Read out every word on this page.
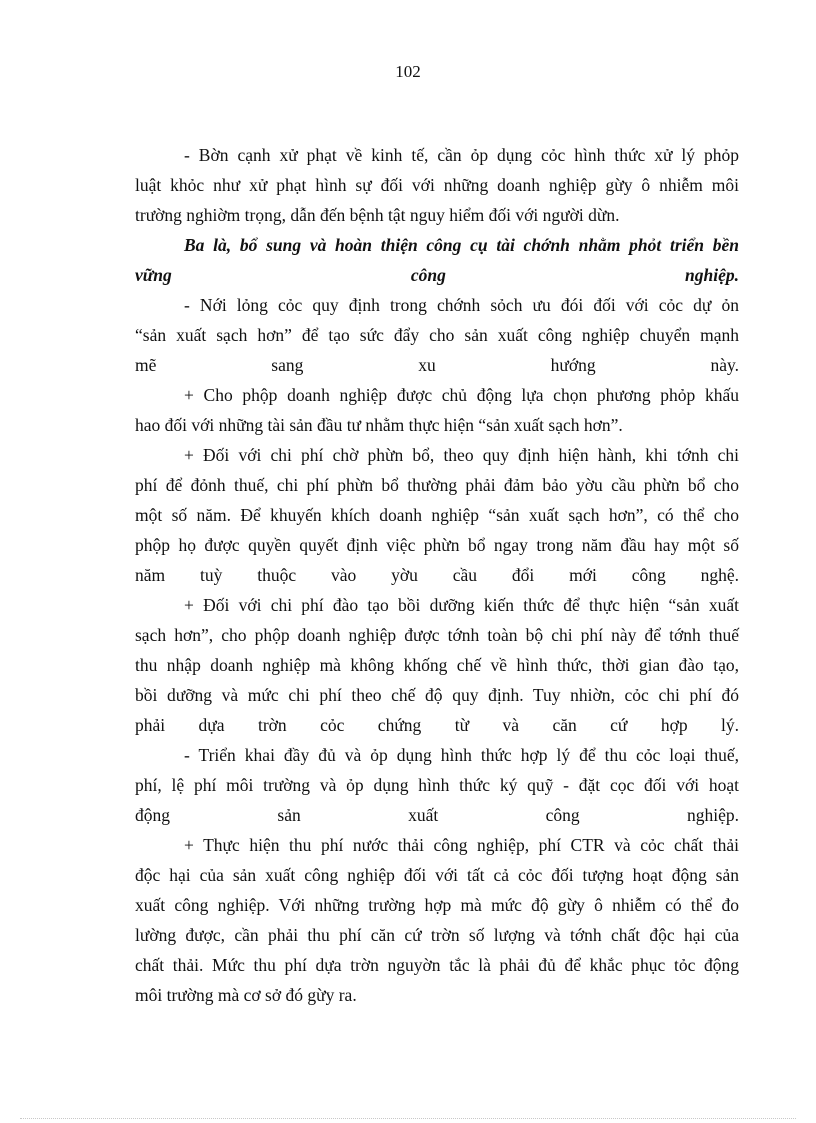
102
- Bờn cạnh xử phạt về kinh tế, cần ỏp dụng cỏc hình thức xử lý phỏp
luật khỏc như xử phạt hình sự đối với những doanh nghiệp gừy ô nhiễm môi
trường nghiờm trọng, dẫn đến bệnh tật nguy hiểm đối với người dừn.
Ba là, bổ sung và hoàn thiện công cụ tài chớnh nhằm phỏt triển bền
vững công nghiệp.
- Nới lỏng cỏc quy định trong chớnh sỏch ưu đói đối với cỏc dự ỏn
“sản xuất sạch hơn” để tạo sức đẩy cho sản xuất công nghiệp chuyển mạnh
mẽ sang xu hướng này.
+ Cho phộp doanh nghiệp được chủ động lựa chọn phương phỏp khấu
hao đối với những tài sản đầu tư nhằm thực hiện “sản xuất sạch hơn”.
+ Đối với chi phí chờ phừn bổ, theo quy định hiện hành, khi tớnh chi
phí để đỏnh thuế, chi phí phừn bổ thường phải đảm bảo yờu cầu phừn bổ cho
một số năm. Để khuyến khích doanh nghiệp “sản xuất sạch hơn”, có thể cho
phộp họ được quyền quyết định việc phừn bổ ngay trong năm đầu hay một số
năm tuỳ thuộc vào yờu cầu đổi mới công nghệ.
+ Đối với chi phí đào tạo bồi dưỡng kiến thức để thực hiện “sản xuất
sạch hơn”, cho phộp doanh nghiệp được tớnh toàn bộ chi phí này để tớnh thuế
thu nhập doanh nghiệp mà không khống chế về hình thức, thời gian đào tạo,
bồi dưỡng và mức chi phí theo chế độ quy định. Tuy nhiờn, cỏc chi phí đó
phải dựa trờn cỏc chứng từ và căn cứ hợp lý.
- Triển khai đầy đủ và ỏp dụng hình thức hợp lý để thu cỏc loại thuế,
phí, lệ phí môi trường và ỏp dụng hình thức ký quỹ - đặt cọc đối với hoạt
động sản xuất công nghiệp.
+ Thực hiện thu phí nước thải công nghiệp, phí CTR và cỏc chất thải
độc hại của sản xuất công nghiệp đối với tất cả cỏc đối tượng hoạt động sản
xuất công nghiệp. Với những trường hợp mà mức độ gừy ô nhiễm có thể đo
lường được, cần phải thu phí căn cứ trờn số lượng và tớnh chất độc hại của
chất thải. Mức thu phí dựa trờn nguyờn tắc là phải đủ để khắc phục tỏc động
môi trường mà cơ sở đó gừy ra.
